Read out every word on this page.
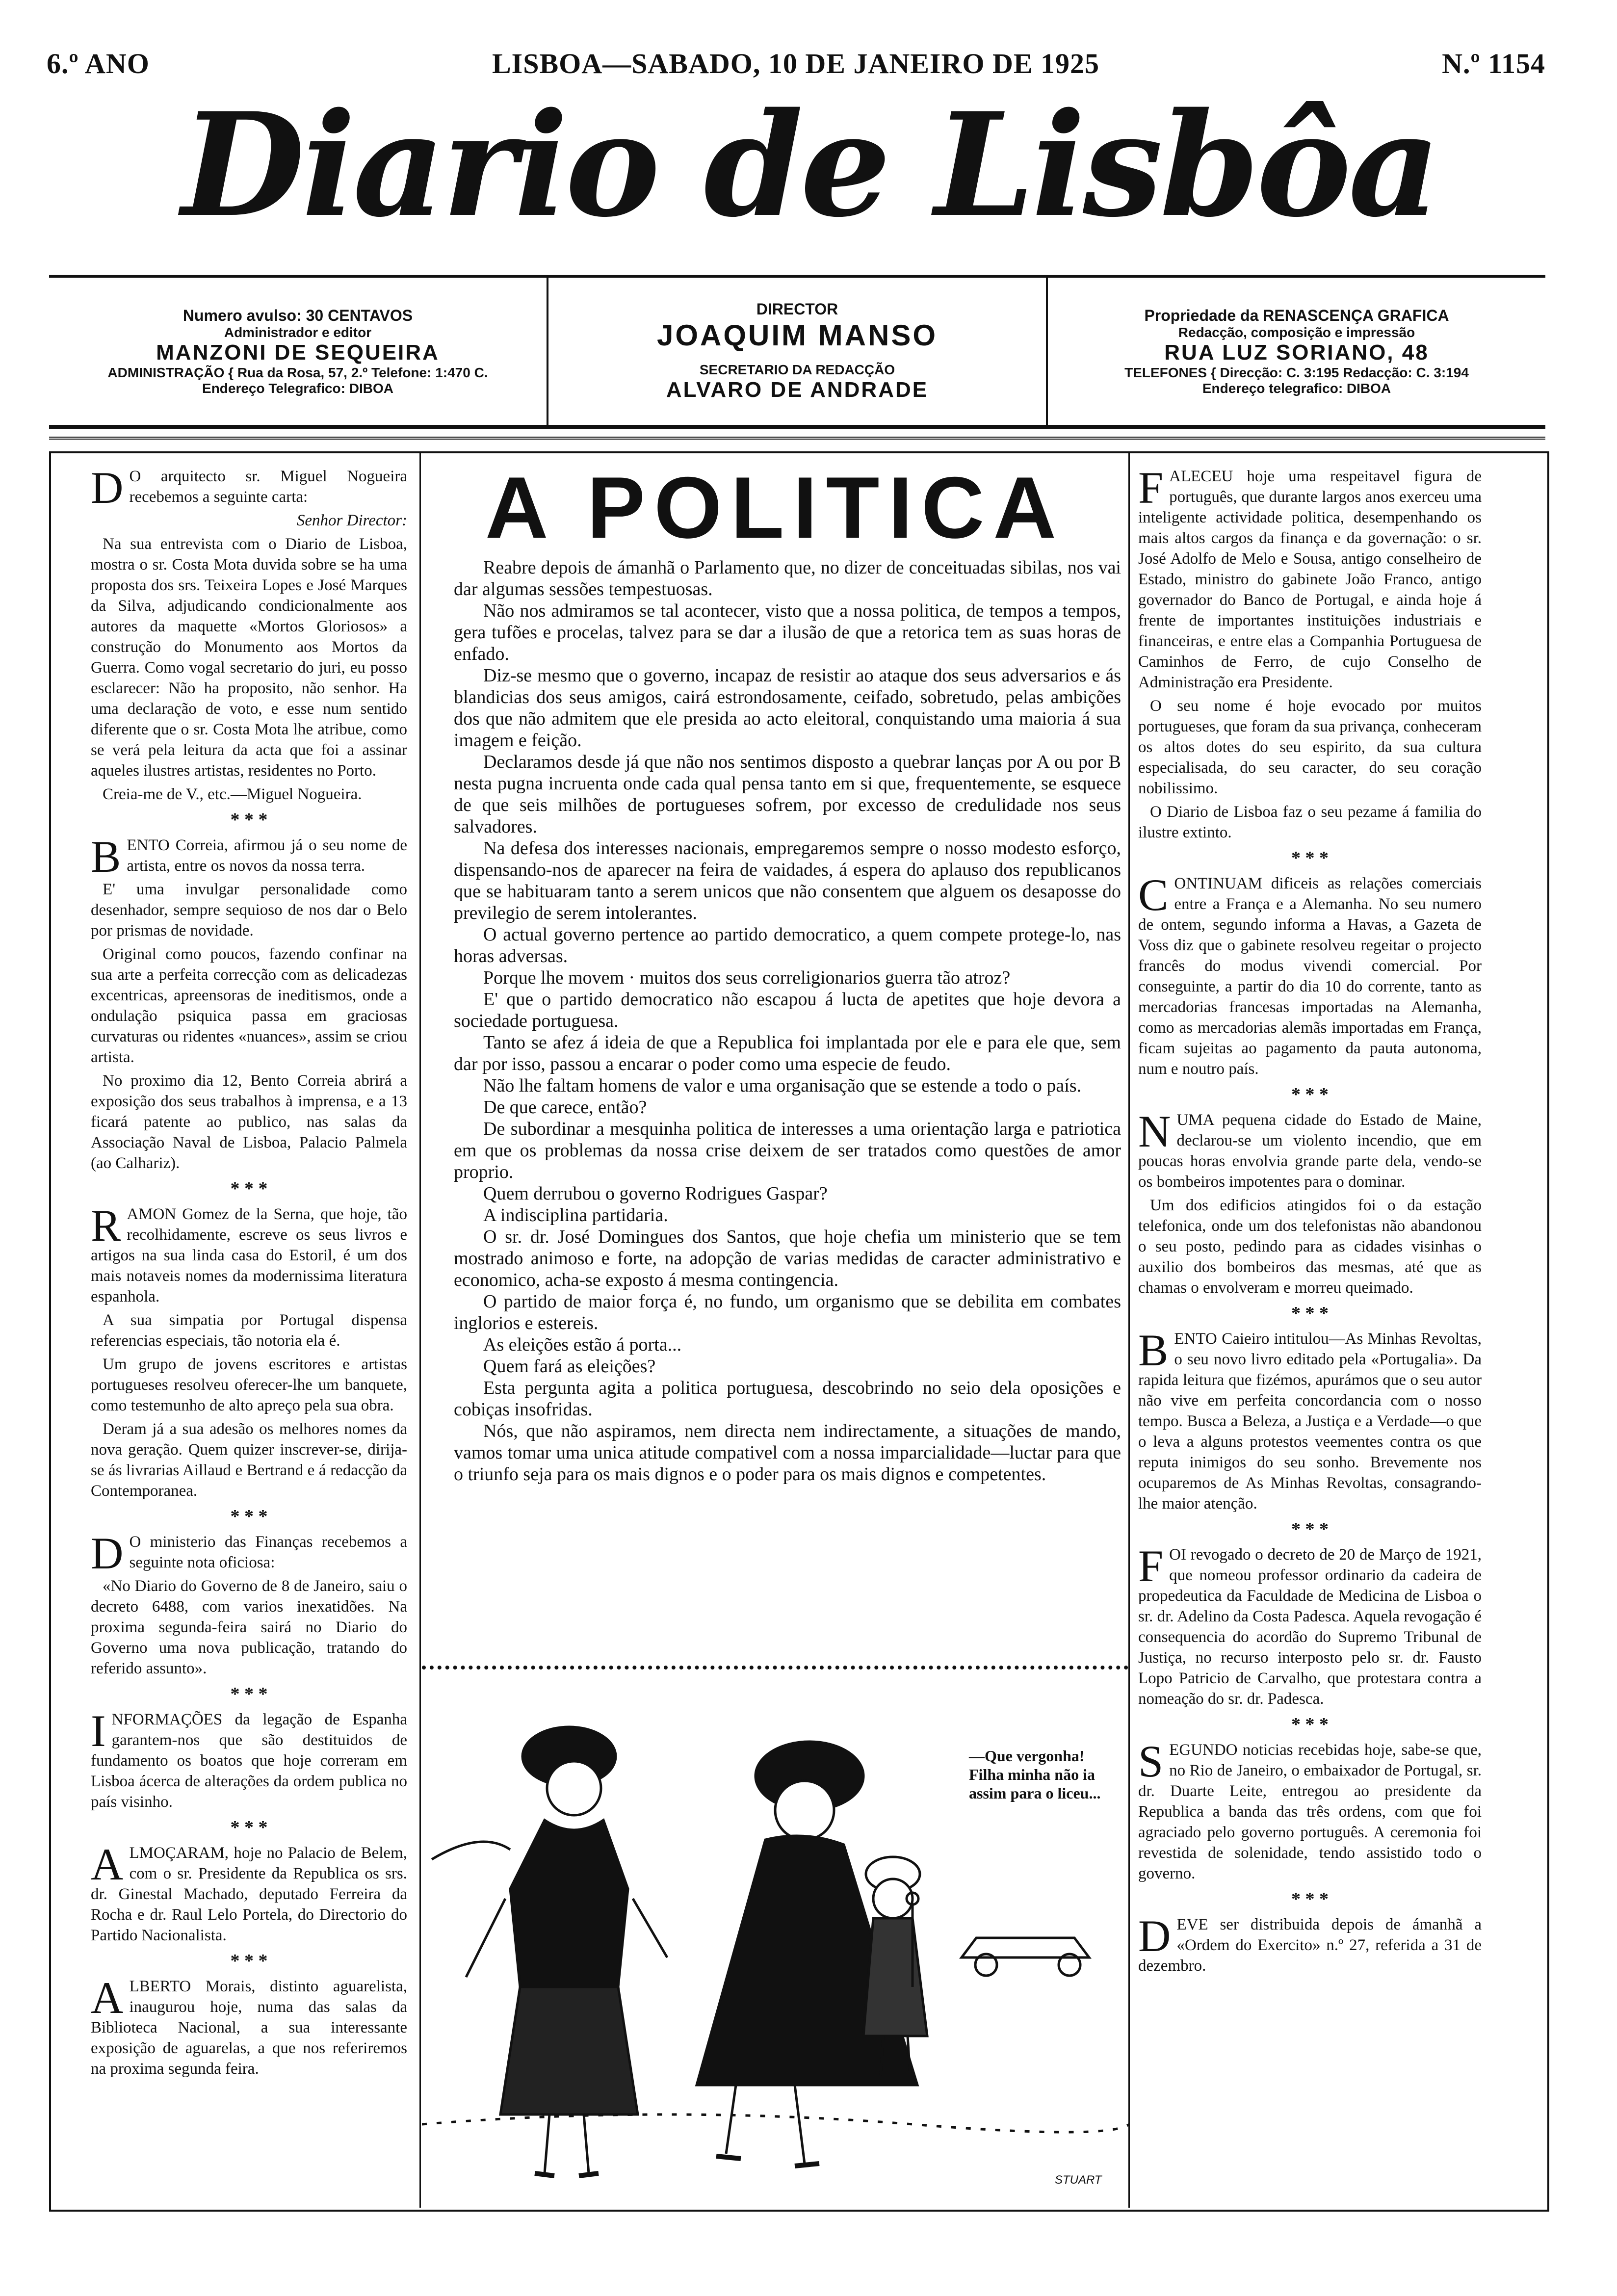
6.º ANO	LISBOA—SABADO, 10 DE JANEIRO DE 1925	N.º 1154
Diario de Lisbôa
Numero avulso: 30 CENTAVOS
Administrador e editor
MANZONI DE SEQUEIRA
ADMINISTRAÇÃO { Rua da Rosa, 57, 2.º Telefone: 1:470 C.
Endereço Telegrafico: DIBOA
DIRECTOR
JOAQUIM MANSO
SECRETARIO DA REDACÇÃO
ALVARO DE ANDRADE
Propriedade da RENASCENÇA GRAFICA
Redacção, composição e impressão
RUA LUZ SORIANO, 48
TELEFONES { Direcção: C. 3:195 Redacção: C. 3:194
Endereço telegrafico: DIBOA

D O arquitecto sr. Miguel Nogueira recebemos a seguinte carta:

Senhor Director:

Na sua entrevista com o Diario de Lisboa, mostra o sr. Costa Mota duvida sobre se ha uma proposta dos srs. Teixeira Lopes e José Marques da Silva, adjudicando condicionalmente aos autores da maquette «Mortos Gloriosos» a construção do Monumento aos Mortos da Guerra. Como vogal secretario do juri, eu posso esclarecer: Não ha proposito, não senhor. Ha uma declaração de voto, e esse num sentido diferente que o sr. Costa Mota lhe atribue, como se verá pela leitura da acta que foi a assinar aqueles ilustres artistas, residentes no Porto.

Creia-me de V., etc.—Miguel Nogueira.

* * *

BENTO Correia, afirmou já o seu nome de artista, entre os novos da nossa terra.

E' uma invulgar personalidade como desenhador, sempre sequioso de nos dar o Belo por prismas de novidade.

Original como poucos, fazendo confinar na sua arte a perfeita correcção com as delicadezas excentricas, apreensoras de ineditismos, onde a ondulação psiquica passa em graciosas curvaturas ou ridentes «nuances», assim se criou artista.

No proximo dia 12, Bento Correia abrirá a exposição dos seus trabalhos à imprensa, e a 13 ficará patente ao publico, nas salas da Associação Naval de Lisboa, Palacio Palmela (ao Calhariz).

* * *

RAMON Gomez de la Serna, que hoje, tão recolhidamente, escreve os seus livros e artigos na sua linda casa do Estoril, é um dos mais notaveis nomes da modernissima literatura espanhola.

A sua simpatia por Portugal dispensa referencias especiais, tão notoria ela é.

Um grupo de jovens escritores e artistas portugueses resolveu oferecer-lhe um banquete, como testemunho de alto apreço pela sua obra.

Deram já a sua adesão os melhores nomes da nova geração. Quem quizer inscrever-se, dirija-se ás livrarias Aillaud e Bertrand e á redacção da Contemporanea.

* * *

D O ministerio das Finanças recebemos a seguinte nota oficiosa:

«No Diario do Governo de 8 de Janeiro, saiu o decreto 6488, com varios inexatidões. Na proxima segunda-feira sairá no Diario do Governo uma nova publicação, tratando do referido assunto».

* * *

INFORMAÇÕES da legação de Espanha garantem-nos que são destituidos de fundamento os boatos que hoje correram em Lisboa ácerca de alterações da ordem publica no país visinho.

* * *

ALMOÇARAM, hoje no Palacio de Belem, com o sr. Presidente da Republica os srs. dr. Ginestal Machado, deputado Ferreira da Rocha e dr. Raul Lelo Portela, do Directorio do Partido Nacionalista.

* * *

ALBERTO Morais, distinto aguarelista, inaugurou hoje, numa das salas da Biblioteca Nacional, a sua interessante exposição de aguarelas, a que nos referiremos na proxima segunda feira.

A POLITICA

Reabre depois de ámanhã o Parlamento que, no dizer de conceituadas sibilas, nos vai dar algumas sessões tempestuosas.

Não nos admiramos se tal acontecer, visto que a nossa politica, de tempos a tempos, gera tufões e procelas, talvez para se dar a ilusão de que a retorica tem as suas horas de enfado.

Diz-se mesmo que o governo, incapaz de resistir ao ataque dos seus adversarios e ás blandicias dos seus amigos, cairá estrondosamente, ceifado, sobretudo, pelas ambições dos que não admitem que ele presida ao acto eleitoral, conquistando uma maioria á sua imagem e feição.

Declaramos desde já que não nos sentimos disposto a quebrar lanças por A ou por B nesta pugna incruenta onde cada qual pensa tanto em si que, frequentemente, se esquece de que seis milhões de portugueses sofrem, por excesso de credulidade nos seus salvadores.

Na defesa dos interesses nacionais, empregaremos sempre o nosso modesto esforço, dispensando-nos de aparecer na feira de vaidades, á espera do aplauso dos republicanos que se habituaram tanto a serem unicos que não consentem que alguem os desaposse do previlegio de serem intolerantes.

O actual governo pertence ao partido democratico, a quem compete protege-lo, nas horas adversas.

Porque lhe movem · muitos dos seus correligionarios guerra tão atroz?

E' que o partido democratico não escapou á lucta de apetites que hoje devora a sociedade portuguesa.

Tanto se afez á ideia de que a Republica foi implantada por ele e para ele que, sem dar por isso, passou a encarar o poder como uma especie de feudo.

Não lhe faltam homens de valor e uma organisação que se estende a todo o país.

De que carece, então?

De subordinar a mesquinha politica de interesses a uma orientação larga e patriotica em que os problemas da nossa crise deixem de ser tratados como questões de amor proprio.

Quem derrubou o governo Rodrigues Gaspar?

A indisciplina partidaria.

O sr. dr. José Domingues dos Santos, que hoje chefia um ministerio que se tem mostrado animoso e forte, na adopção de varias medidas de caracter administrativo e economico, acha-se exposto á mesma contingencia.

O partido de maior força é, no fundo, um organismo que se debilita em combates inglorios e estereis.

As eleições estão á porta...

Quem fará as eleições?

Esta pergunta agita a politica portuguesa, descobrindo no seio dela oposições e cobiças insofridas.

Nós, que não aspiramos, nem directa nem indirectamente, a situações de mando, vamos tomar uma unica atitude compativel com a nossa imparcialidade—luctar para que o triunfo seja para os mais dignos e o poder para os mais dignos e competentes.

—Que vergonha! Filha minha não ia assim para o liceu...
STUART

FALECEU hoje uma respeitavel figura de português, que durante largos anos exerceu uma inteligente actividade politica, desempenhando os mais altos cargos da finança e da governação: o sr. José Adolfo de Melo e Sousa, antigo conselheiro de Estado, ministro do gabinete João Franco, antigo governador do Banco de Portugal, e ainda hoje á frente de importantes instituições industriais e financeiras, e entre elas a Companhia Portuguesa de Caminhos de Ferro, de cujo Conselho de Administração era Presidente.

O seu nome é hoje evocado por muitos portugueses, que foram da sua privança, conheceram os altos dotes do seu espirito, da sua cultura especialisada, do seu caracter, do seu coração nobilissimo.

O Diario de Lisboa faz o seu pezame á familia do ilustre extinto.

* * *

CONTINUAM dificeis as relações comerciais entre a França e a Alemanha. No seu numero de ontem, segundo informa a Havas, a Gazeta de Voss diz que o gabinete resolveu regeitar o projecto francês do modus vivendi comercial. Por conseguinte, a partir do dia 10 do corrente, tanto as mercadorias francesas importadas na Alemanha, como as mercadorias alemãs importadas em França, ficam sujeitas ao pagamento da pauta autonoma, num e noutro país.

* * *

NUMA pequena cidade do Estado de Maine, declarou-se um violento incendio, que em poucas horas envolvia grande parte dela, vendo-se os bombeiros impotentes para o dominar.

Um dos edificios atingidos foi o da estação telefonica, onde um dos telefonistas não abandonou o seu posto, pedindo para as cidades visinhas o auxilio dos bombeiros das mesmas, até que as chamas o envolveram e morreu queimado.

* * *

BENTO Caieiro intitulou—As Minhas Revoltas, o seu novo livro editado pela «Portugalia». Da rapida leitura que fizémos, apurámos que o seu autor não vive em perfeita concordancia com o nosso tempo. Busca a Beleza, a Justiça e a Verdade—o que o leva a alguns protestos veementes contra os que reputa inimigos do seu sonho. Brevemente nos ocuparemos de As Minhas Revoltas, consagrando-lhe maior atenção.

* * *

FOI revogado o decreto de 20 de Março de 1921, que nomeou professor ordinario da cadeira de propedeutica da Faculdade de Medicina de Lisboa o sr. dr. Adelino da Costa Padesca. Aquela revogação é consequencia do acordão do Supremo Tribunal de Justiça, no recurso interposto pelo sr. dr. Fausto Lopo Patricio de Carvalho, que protestara contra a nomeação do sr. dr. Padesca.

* * *

SEGUNDO noticias recebidas hoje, sabe-se que, no Rio de Janeiro, o embaixador de Portugal, sr. dr. Duarte Leite, entregou ao presidente da Republica a banda das três ordens, com que foi agraciado pelo governo português. A ceremonia foi revestida de solenidade, tendo assistido todo o governo.

* * *

DEVE ser distribuida depois de ámanhã a «Ordem do Exercito» n.º 27, referida a 31 de dezembro.
